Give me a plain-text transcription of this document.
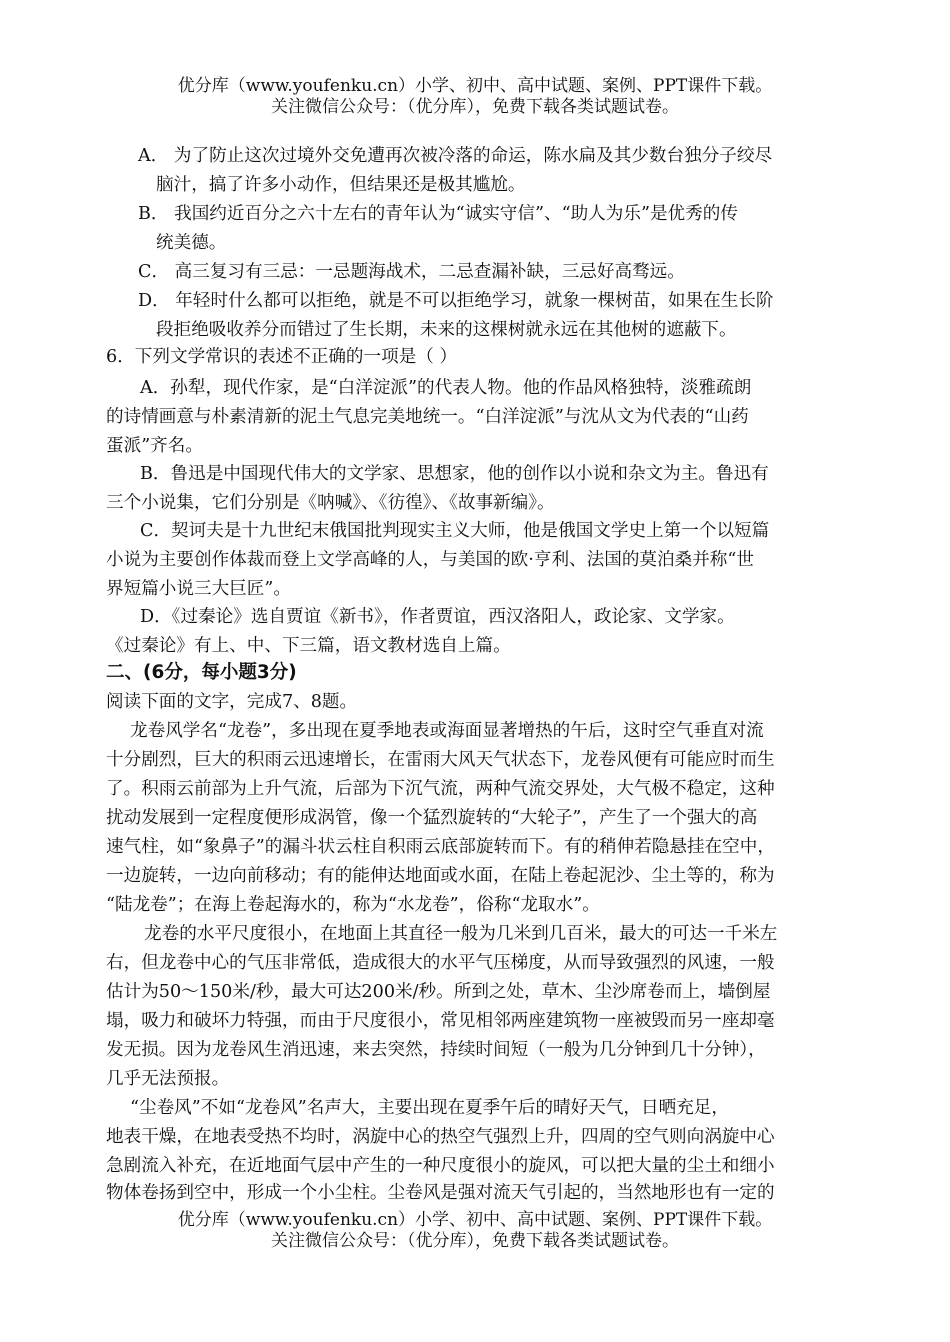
优分库（www.youfenku.cn）小学、初中、高中试题、案例、PPT课件下载。
关注微信公众号：（优分库），免费下载各类试题试卷。
A． 为了防止这次过境外交免遭再次被冷落的命运，陈水扁及其少数台独分子绞尽
脑汁，搞了许多小动作，但结果还是极其尴尬。
B． 我国约近百分之六十左右的青年认为“诚实守信”、“助人为乐”是优秀的传
统美德。
C． 高三复习有三忌：一忌题海战术，二忌查漏补缺，三忌好高骛远。
D． 年轻时什么都可以拒绝，就是不可以拒绝学习，就象一棵树苗，如果在生长阶
段拒绝吸收养分而错过了生长期，未来的这棵树就永远在其他树的遮蔽下。
6．下列文学常识的表述不正确的一项是（ ）
A．孙犁，现代作家，是“白洋淀派”的代表人物。他的作品风格独特，淡雅疏朗
的诗情画意与朴素清新的泥土气息完美地统一。“白洋淀派”与沈从文为代表的“山药
蛋派”齐名。
B．鲁迅是中国现代伟大的文学家、思想家，他的创作以小说和杂文为主。鲁迅有
三个小说集，它们分别是《呐喊》、《彷徨》、《故事新编》。
C．契诃夫是十九世纪末俄国批判现实主义大师，他是俄国文学史上第一个以短篇
小说为主要创作体裁而登上文学高峰的人，与美国的欧·亨利、法国的莫泊桑并称“世
界短篇小说三大巨匠”。
D．《过秦论》选自贾谊《新书》，作者贾谊，西汉洛阳人，政论家、文学家。
《过秦论》有上、中、下三篇，语文教材选自上篇。
二、(6分，每小题3分)
阅读下面的文字，完成7、8题。
龙卷风学名“龙卷”，多出现在夏季地表或海面显著增热的午后，这时空气垂直对流
十分剧烈，巨大的积雨云迅速增长，在雷雨大风天气状态下，龙卷风便有可能应时而生
了。积雨云前部为上升气流，后部为下沉气流，两种气流交界处，大气极不稳定，这种
扰动发展到一定程度便形成涡管，像一个猛烈旋转的“大轮子”，产生了一个强大的高
速气柱，如“象鼻子”的漏斗状云柱自积雨云底部旋转而下。有的稍伸若隐悬挂在空中，
一边旋转，一边向前移动；有的能伸达地面或水面，在陆上卷起泥沙、尘土等的，称为
“陆龙卷”；在海上卷起海水的，称为“水龙卷”，俗称“龙取水”。
龙卷的水平尺度很小，在地面上其直径一般为几米到几百米，最大的可达一千米左
右，但龙卷中心的气压非常低，造成很大的水平气压梯度，从而导致强烈的风速，一般
估计为50～150米/秒，最大可达200米/秒。所到之处，草木、尘沙席卷而上，墙倒屋
塌，吸力和破坏力特强，而由于尺度很小，常见相邻两座建筑物一座被毁而另一座却毫
发无损。因为龙卷风生消迅速，来去突然，持续时间短（一般为几分钟到几十分钟），
几乎无法预报。
“尘卷风”不如“龙卷风”名声大，主要出现在夏季午后的晴好天气，日晒充足，
地表干燥，在地表受热不均时，涡旋中心的热空气强烈上升，四周的空气则向涡旋中心
急剧流入补充，在近地面气层中产生的一种尺度很小的旋风，可以把大量的尘土和细小
物体卷扬到空中，形成一个小尘柱。尘卷风是强对流天气引起的，当然地形也有一定的
优分库（www.youfenku.cn）小学、初中、高中试题、案例、PPT课件下载。
关注微信公众号：（优分库），免费下载各类试题试卷。
